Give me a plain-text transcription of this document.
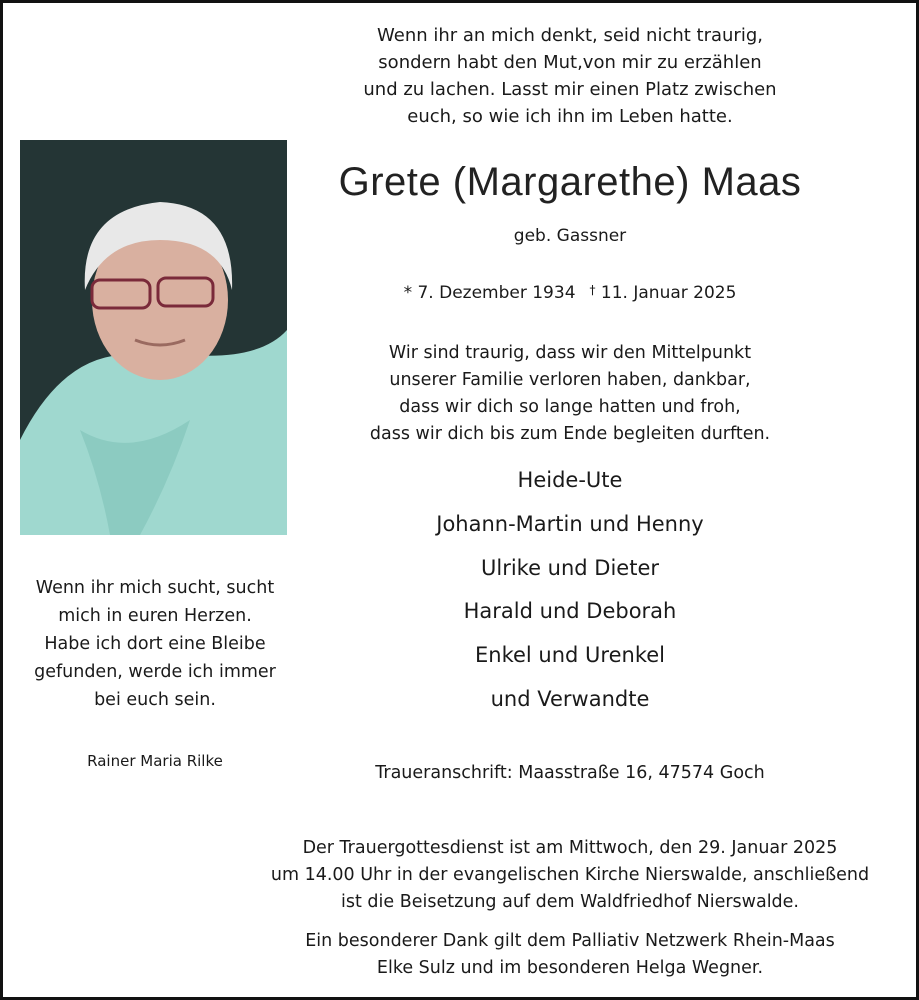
Wenn ihr an mich denkt, seid nicht traurig,
sondern habt den Mut,von mir zu erzählen
und zu lachen. Lasst mir einen Platz zwischen
euch, so wie ich ihn im Leben hatte.
Grete (Margarethe) Maas
geb. Gassner
* 7. Dezember 1934 † 11. Januar 2025
Wir sind traurig, dass wir den Mittelpunkt
unserer Familie verloren haben, dankbar,
dass wir dich so lange hatten und froh,
dass wir dich bis zum Ende begleiten durften.
Heide-Ute
Johann-Martin und Henny
Ulrike und Dieter
Harald und Deborah
Enkel und Urenkel
und Verwandte
Traueranschrift: Maasstraße 16, 47574 Goch
Der Trauergottesdienst ist am Mittwoch, den 29. Januar 2025
um 14.00 Uhr in der evangelischen Kirche Nierswalde, anschließend
ist die Beisetzung auf dem Waldfriedhof Nierswalde.
Ein besonderer Dank gilt dem Palliativ Netzwerk Rhein-Maas
Elke Sulz und im besonderen Helga Wegner.
Wenn ihr mich sucht, sucht
mich in euren Herzen.
Habe ich dort eine Bleibe
gefunden, werde ich immer
bei euch sein.
Rainer Maria Rilke
